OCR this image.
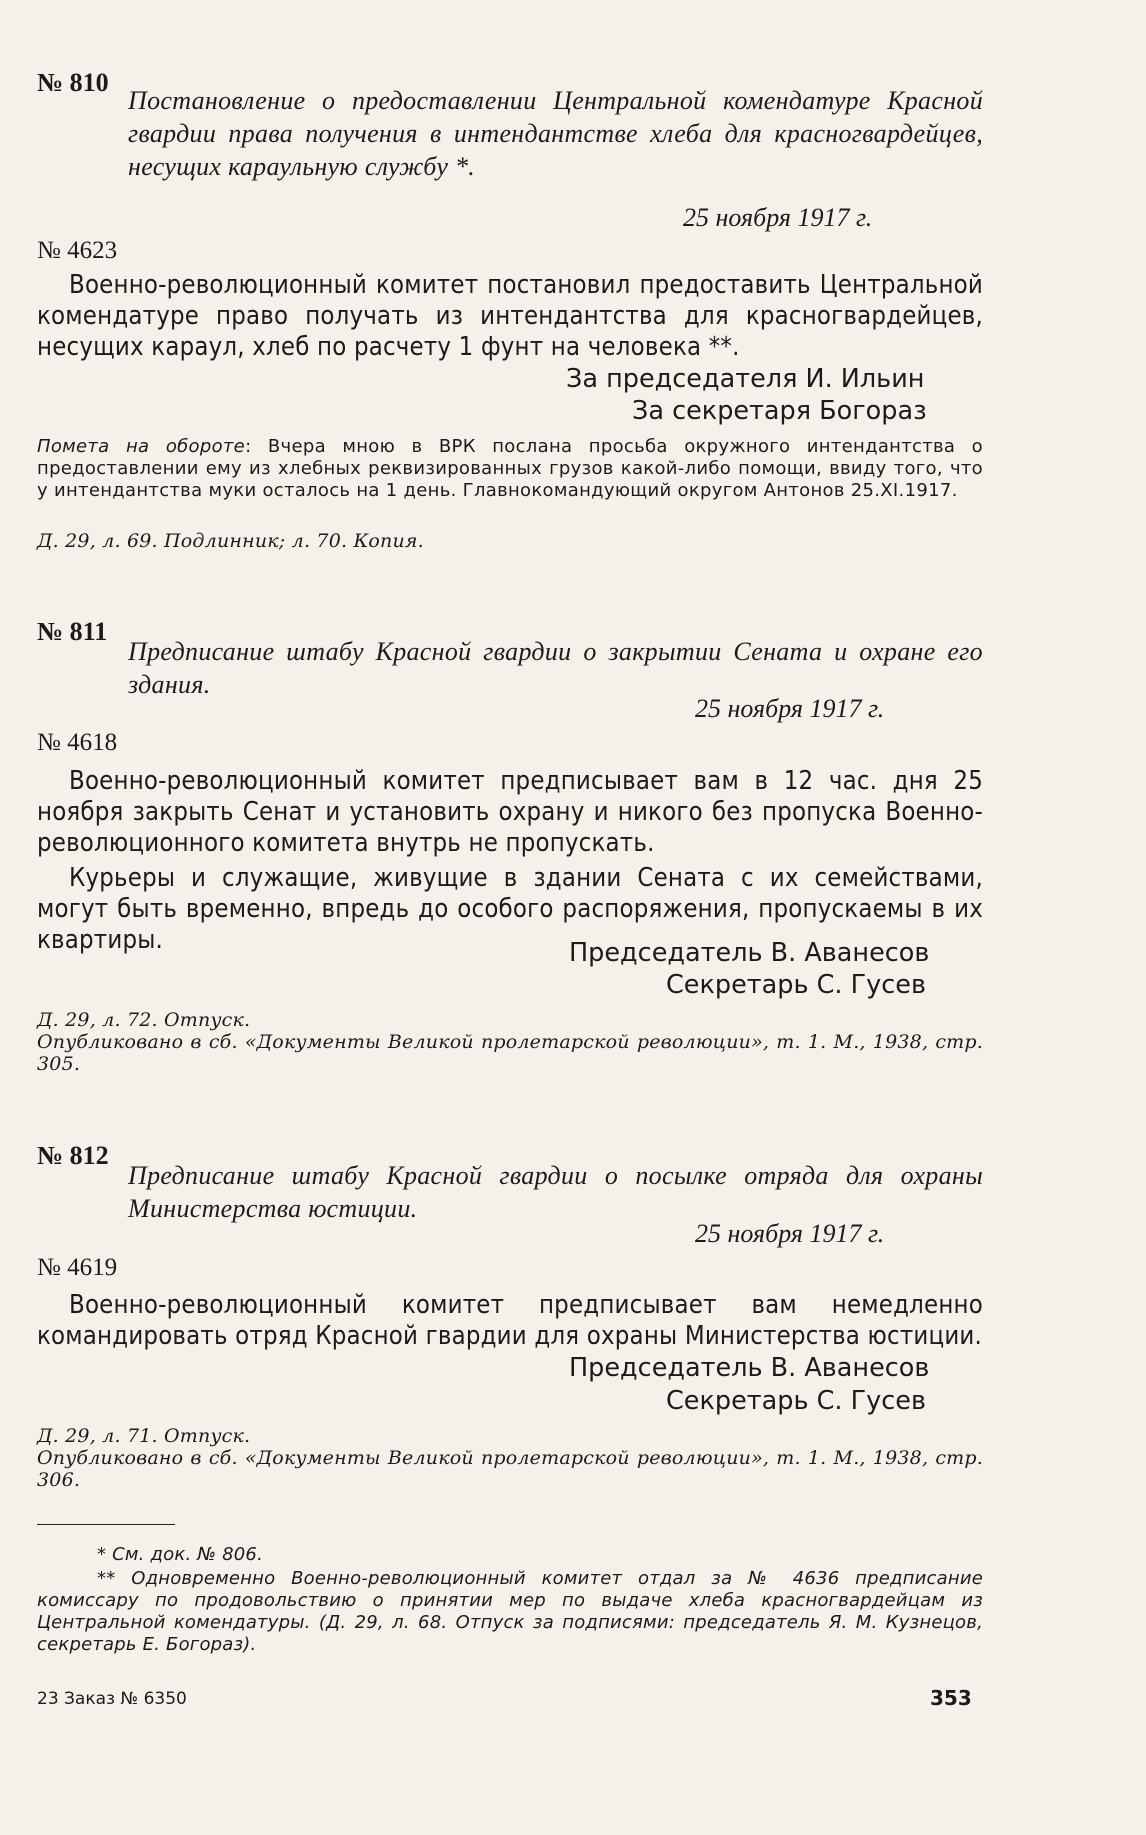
№ 810
Постановление о предоставлении Центральной комендатуре Красной гвардии права получения в интендантстве хлеба для красногвардейцев, несущих караульную службу *.
25 ноября 1917 г.
№ 4623

Военно-революционный комитет постановил предоставить Центральной комендатуре право получать из интендантства для красногвардейцев, несущих караул, хлеб по расчету 1 фунт на человека **.

За председателя И. Ильин
За секретаря Богораз
Помета на обороте: Вчера мною в ВРК послана просьба окружного интендантства о предоставлении ему из хлебных реквизированных грузов какой-либо помощи, ввиду того, что у интендантства муки осталось на 1 день. Главнокомандующий округом Антонов 25.XI.1917.
Д. 29, л. 69. Подлинник; л. 70. Копия.
№ 811
Предписание штабу Красной гвардии о закрытии Сената и охране его здания.
25 ноября 1917 г.
№ 4618

Военно-революционный комитет предписывает вам в 12 час. дня 25 ноября закрыть Сенат и установить охрану и никого без пропуска Военно-революционного комитета внутрь не пропускать.

Курьеры и служащие, живущие в здании Сената с их семействами, могут быть временно, впредь до особого распоряжения, пропускаемы в их квартиры.	Председатель В. Аванесов
Секретарь С. Гусев
Д. 29, л. 72. Отпуск.
Опубликовано в сб. «Документы Великой пролетарской революции», т. 1. М., 1938, стр. 305.
№ 812
Предписание штабу Красной гвардии о посылке отряда для охраны Министерства юстиции.
25 ноября 1917 г.
№ 4619

Военно-революционный комитет предписывает вам немедленно командировать отряд Красной гвардии для охраны Министерства юстиции.

Председатель В. Аванесов
Секретарь С. Гусев
Д. 29, л. 71. Отпуск.
Опубликовано в сб. «Документы Великой пролетарской революции», т. 1. М., 1938, стр. 306.
* См. док. № 806.
** Одновременно Военно-революционный комитет отдал за № 4636 предписание комиссару по продовольствию о принятии мер по выдаче хлеба красногвардейцам из Центральной комендатуры. (Д. 29, л. 68. Отпуск за подписями: председатель Я. М. Кузнецов, секретарь Е. Богораз).
23 Заказ № 6350	353
